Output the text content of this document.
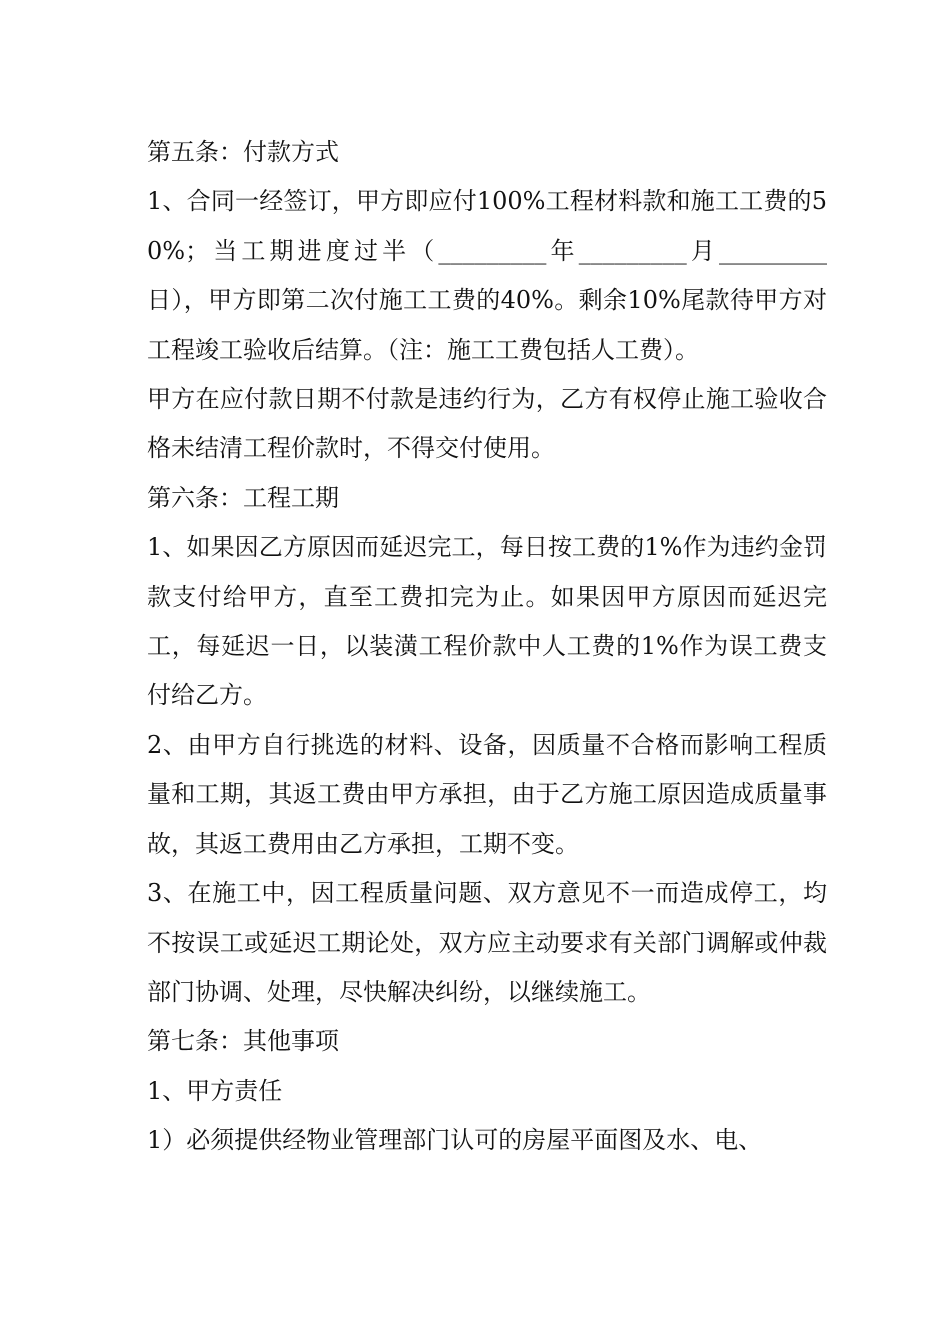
第五条：付款方式

1、合同一经签订，甲方即应付100%工程材料款和施工工费的50%；当工期进度过半（_________年_________月_________日），甲方即第二次付施工工费的40%。剩余10%尾款待甲方对工程竣工验收后结算。（注：施工工费包括人工费）。

甲方在应付款日期不付款是违约行为，乙方有权停止施工验收合格未结清工程价款时，不得交付使用。

第六条：工程工期

1、如果因乙方原因而延迟完工，每日按工费的1%作为违约金罚款支付给甲方，直至工费扣完为止。如果因甲方原因而延迟完工，每延迟一日，以装潢工程价款中人工费的1%作为误工费支付给乙方。

2、由甲方自行挑选的材料、设备，因质量不合格而影响工程质量和工期，其返工费由甲方承担，由于乙方施工原因造成质量事故，其返工费用由乙方承担，工期不变。

3、在施工中，因工程质量问题、双方意见不一而造成停工，均不按误工或延迟工期论处，双方应主动要求有关部门调解或仲裁部门协调、处理，尽快解决纠纷，以继续施工。

第七条：其他事项

1、甲方责任

1）必须提供经物业管理部门认可的房屋平面图及水、电、
